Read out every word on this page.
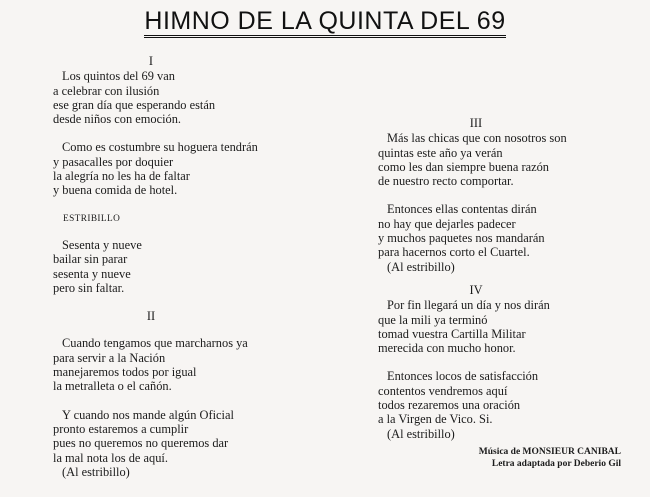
HIMNO DE LA QUINTA DEL 69
I
Los quintos del 69 van
a celebrar con ilusión
ese gran día que esperando están
desde niños con emoción.
Como es costumbre su hoguera tendrán
y pasacalles por doquier
la alegría no les ha de faltar
y buena comida de hotel.
ESTRIBILLO
Sesenta y nueve
bailar sin parar
sesenta y nueve
pero sin faltar.
II
Cuando tengamos que marcharnos ya
para servir a la Nación
manejaremos todos por igual
la metralleta o el cañón.
Y cuando nos mande algún Oficial
pronto estaremos a cumplir
pues no queremos no queremos dar
la mal nota los de aquí.
(Al estribillo)
III
Más las chicas que con nosotros son
quintas este año ya verán
como les dan siempre buena razón
de nuestro recto comportar.
Entonces ellas contentas dirán
no hay que dejarles padecer
y muchos paquetes nos mandarán
para hacernos corto el Cuartel.
(Al estribillo)
IV
Por fin llegará un día y nos dirán
que la mili ya terminó
tomad vuestra Cartilla Militar
merecida con mucho honor.
Entonces locos de satisfacción
contentos vendremos aquí
todos rezaremos una oración
a la Virgen de Vico. Si.
(Al estribillo)
Música de MONSIEUR CANIBAL
Letra adaptada por Deberio Gil
